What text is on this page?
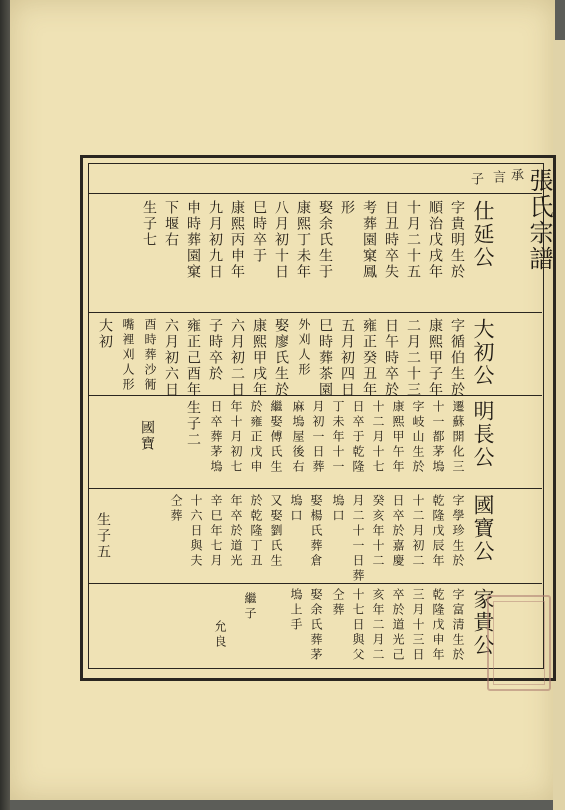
張氏宗譜
承
言
子
仕延公
字貴明生於
順治戊戌年
十月二十五
日丑時卒失
考葬園窠鳳
形
娶余氏生于
康熙丁未年
八月初十日
巳時卒于
康熙丙申年
九月初九日
申時葬園窠
下堰右
生子七
大初公
字循伯生於
康熙甲子年
二月二十三
日午時卒於
雍正癸丑年
五月初四日
巳時葬茶園
外刈人形
娶廖氏生於
康熙甲戌年
六月初二日
子時卒於
雍正己酉年
六月初六日
酉時葬沙衕
嘴裡刈人形
大初
明長公
遷蘇開化三
十一都茅塢
字岐山生於
康熙甲午年
十二月十七
日卒于乾隆
丁未年十一
月初一日葬
麻塢屋後右
繼娶傅氏生
於雍正戊申
年十月初七
日卒葬茅塢
生子二
國寶
國寶公
字學珍生於
乾隆戊辰年
十二月初二
日卒於嘉慶
癸亥年十二
月二十一日葬
塢口
娶楊氏葬倉
塢口
又娶劉氏生
於乾隆丁丑
年卒於道光
辛巳年七月
十六日與夫
仝葬
生子五
家貴公
字富清生於
乾隆戊申年
三月十三日
卒於道光己
亥年二月二
十七日與父
仝葬
娶余氏葬茅
塢上手
繼子
允良
